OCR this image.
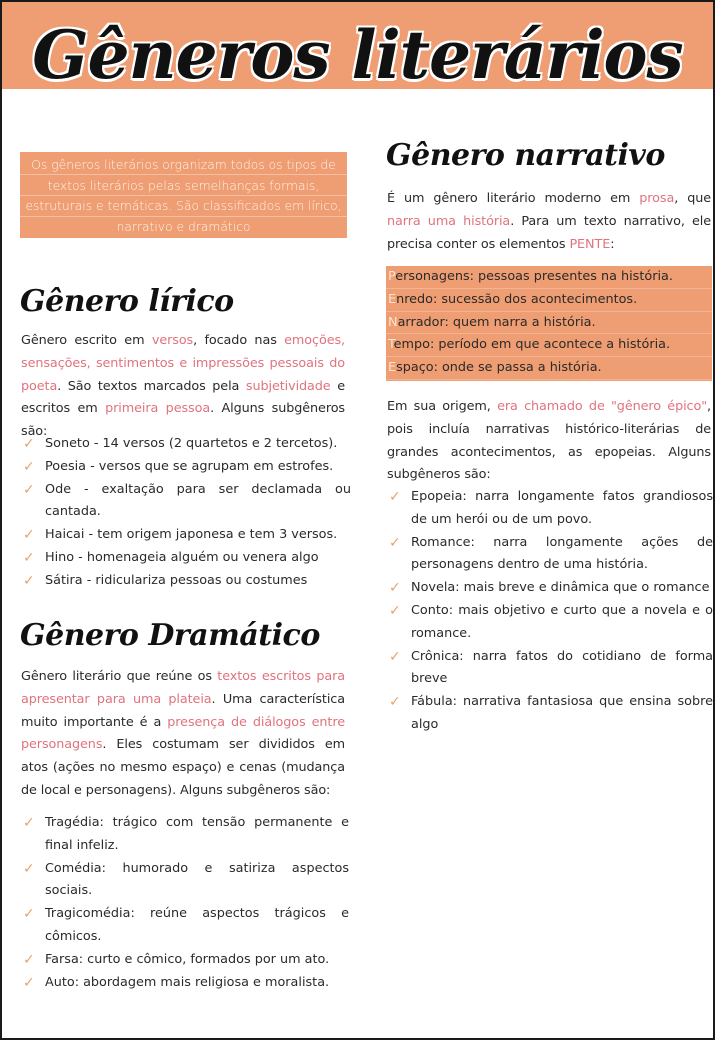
Gêneros literários

Os gêneros literários organizam todos os tipos de textos literários pelas semelhanças formais, estruturais e temáticas. São classificados em lírico, narrativo e dramático

Gênero lírico

Gênero escrito em versos, focado nas emoções, sensações, sentimentos e impressões pessoais do poeta. São textos marcados pela subjetividade e escritos em primeira pessoa. Alguns subgêneros são:

✓ Soneto - 14 versos (2 quartetos e 2 tercetos).
✓ Poesia - versos que se agrupam em estrofes.
✓ Ode - exaltação para ser declamada ou cantada.
✓ Haicai - tem origem japonesa e tem 3 versos.
✓ Hino - homenageia alguém ou venera algo
✓ Sátira - ridiculariza pessoas ou costumes
Gênero Dramático

Gênero literário que reúne os textos escritos para apresentar para uma plateia. Uma característica muito importante é a presença de diálogos entre personagens. Eles costumam ser divididos em atos (ações no mesmo espaço) e cenas (mudança de local e personagens). Alguns subgêneros são:

✓ Tragédia: trágico com tensão permanente e final infeliz.
✓ Comédia: humorado e satiriza aspectos sociais.
✓ Tragicomédia: reúne aspectos trágicos e cômicos.
✓ Farsa: curto e cômico, formados por um ato.
✓ Auto: abordagem mais religiosa e moralista.
Gênero narrativo

É um gênero literário moderno em prosa, que narra uma história. Para um texto narrativo, ele precisa conter os elementos PENTE:

Personagens: pessoas presentes na história.
Enredo: sucessão dos acontecimentos.
Narrador: quem narra a história.
Tempo: período em que acontece a história.
Espaço: onde se passa a história.

Em sua origem, era chamado de "gênero épico", pois incluía narrativas histórico-literárias de grandes acontecimentos, as epopeias. Alguns subgêneros são:

✓ Epopeia: narra longamente fatos grandiosos de um herói ou de um povo.
✓ Romance: narra longamente ações de personagens dentro de uma história.
✓ Novela: mais breve e dinâmica que o romance
✓ Conto: mais objetivo e curto que a novela e o romance.
✓ Crônica: narra fatos do cotidiano de forma breve
✓ Fábula: narrativa fantasiosa que ensina sobre algo
